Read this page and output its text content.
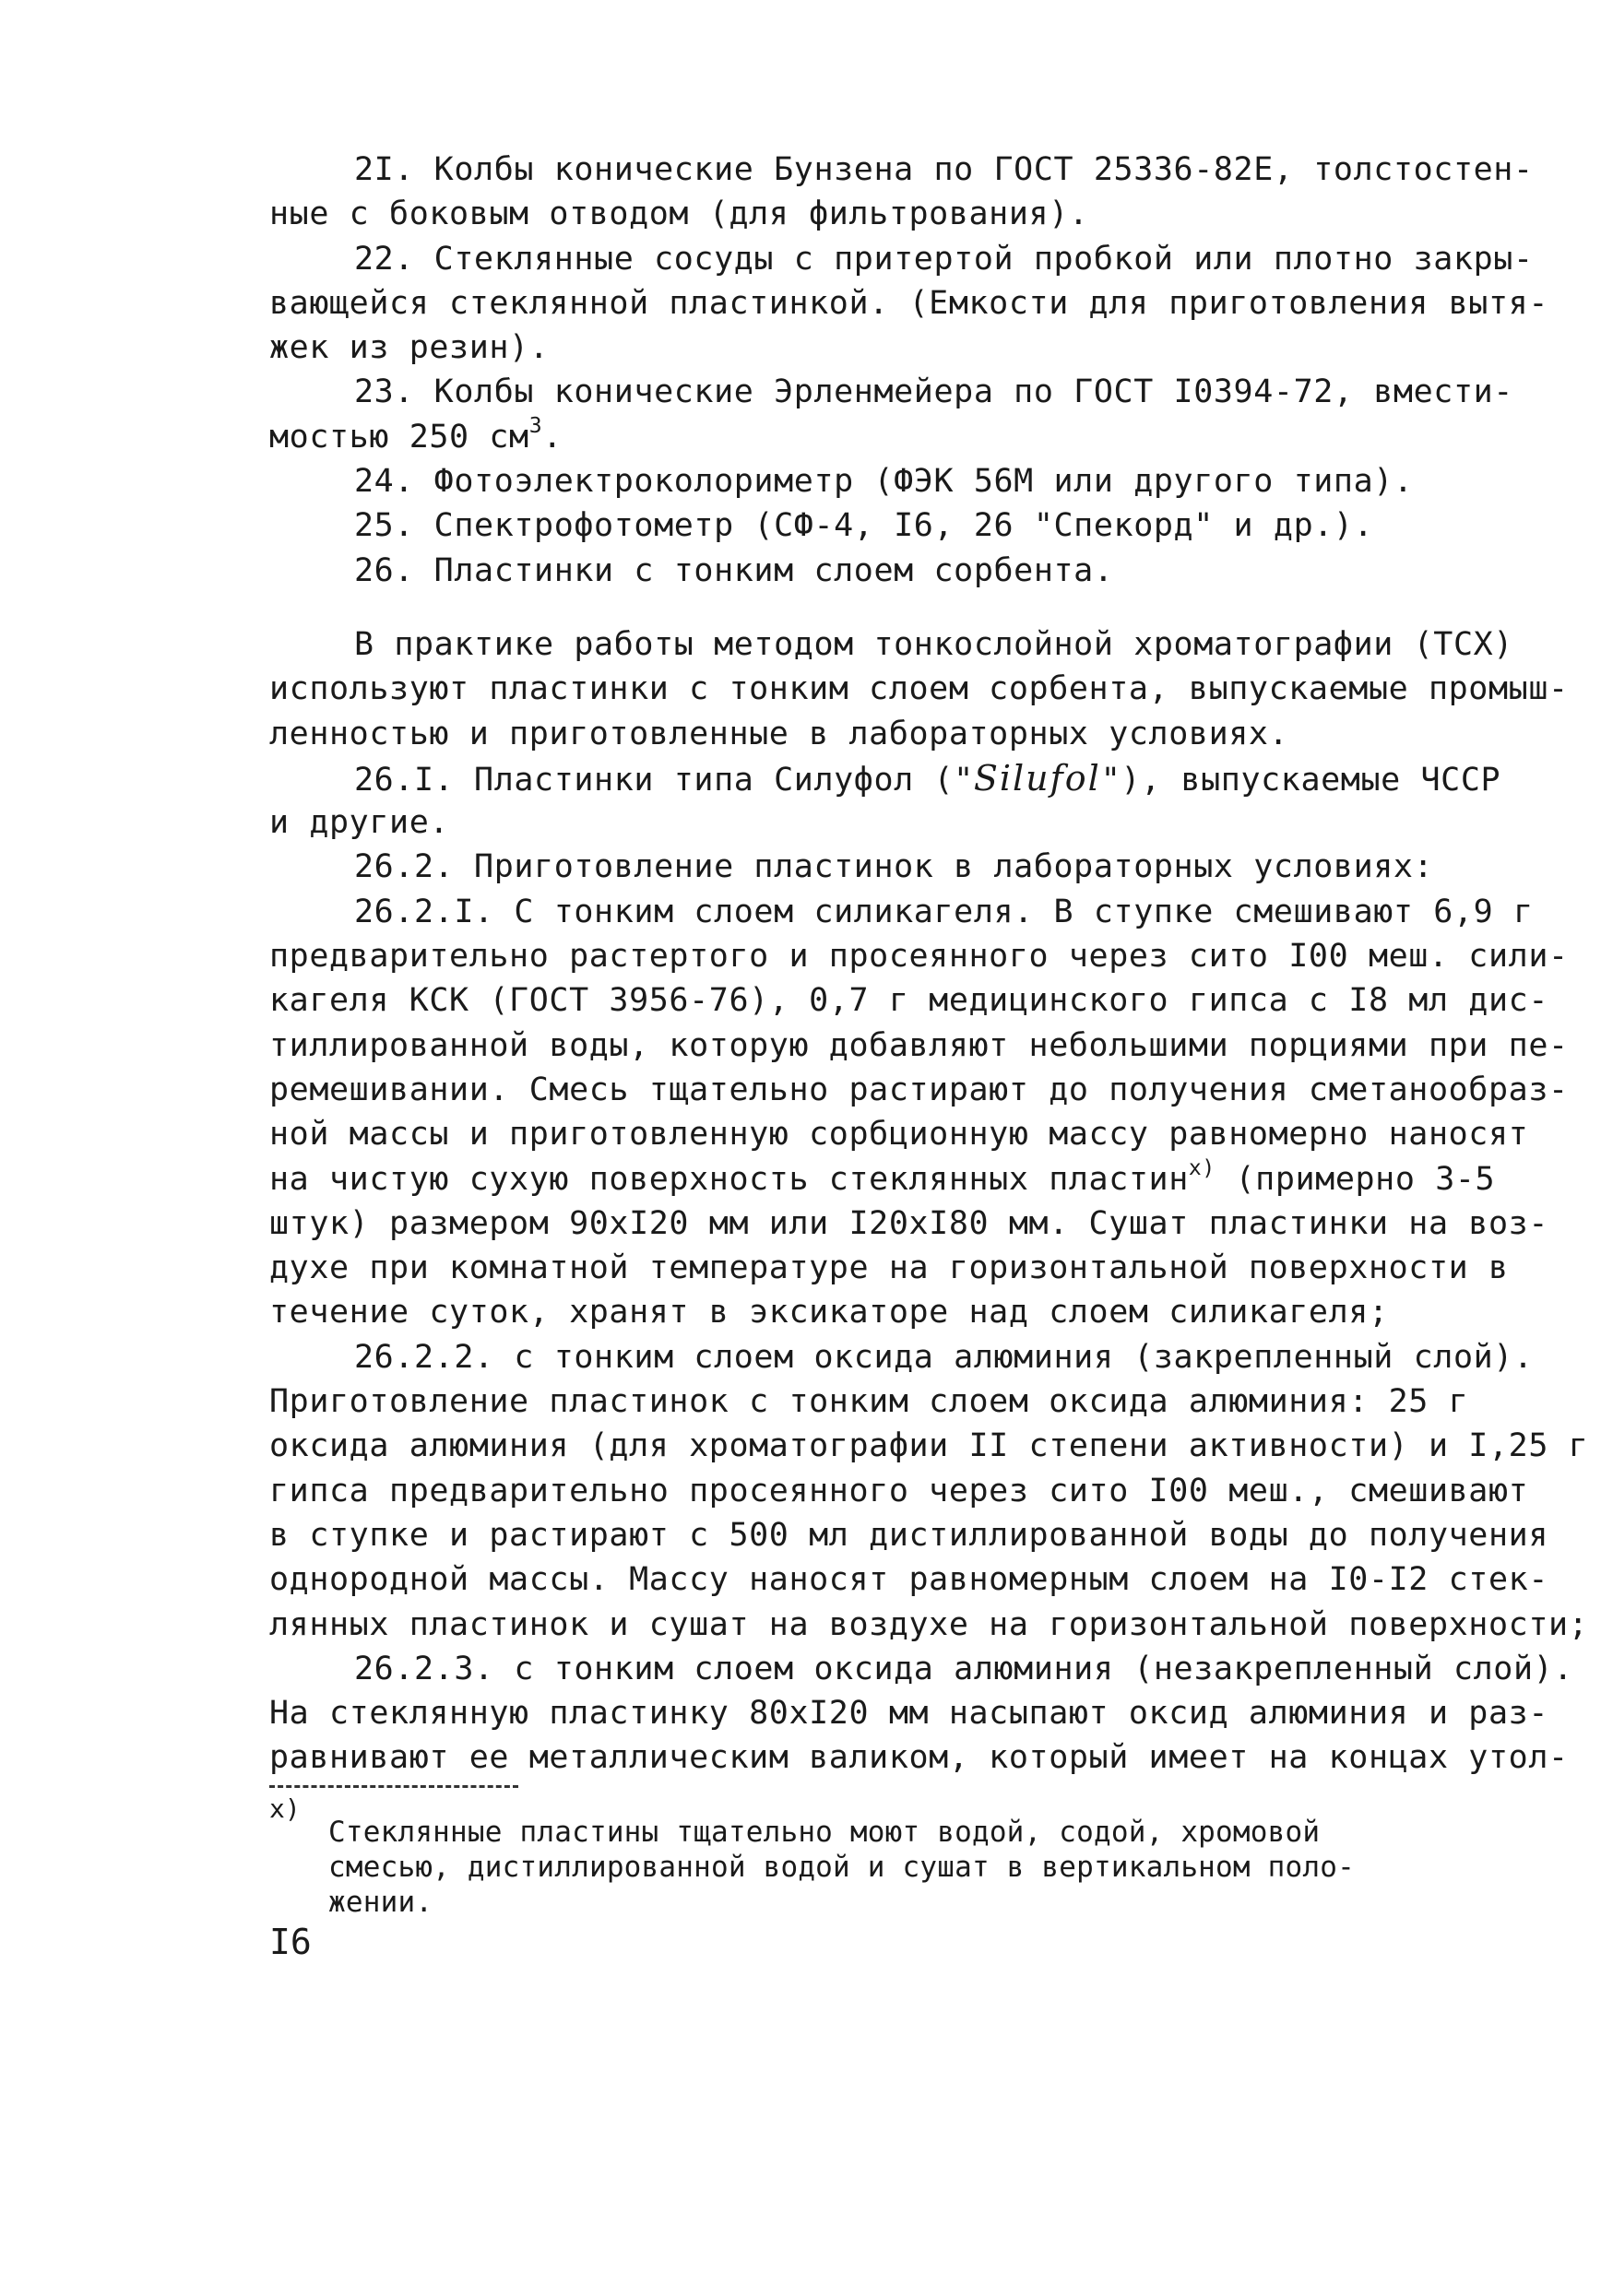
2I. Колбы конические Бунзена по ГОСТ 25336-82Е, толстостен-
ные с боковым отводом (для фильтрования).
22. Стеклянные сосуды с притертой пробкой или плотно закры-
вающейся стеклянной пластинкой. (Емкости для приготовления вытя-
жек из резин).
23. Колбы конические Эрленмейера по ГОСТ I0394-72, вмести-
мостью 250 $см^3$.
24. Фотоэлектроколориметр (ФЭК 56М или другого типа).
25. Спектрофотометр (СФ-4, I6, 26 "Спекорд" и др.).
26. Пластинки с тонким слоем сорбента.
В практике работы методом тонкослойной хроматографии (ТСХ)
используют пластинки с тонким слоем сорбента, выпускаемые промыш-
ленностью и приготовленные в лабораторных условиях.
26.I. Пластинки типа Силуфол ("Silufol"), выпускаемые ЧССР
и другие.
26.2. Приготовление пластинок в лабораторных условиях:
26.2.I. С тонким слоем силикагеля. В ступке смешивают 6,9 г
предварительно растертого и просеянного через сито I00 меш. сили-
кагеля КСК (ГОСТ 3956-76), 0,7 г медицинского гипса с I8 мл дис-
тиллированной воды, которую добавляют небольшими порциями при пе-
ремешивании. Смесь тщательно растирают до получения сметанообраз-
ной массы и приготовленную сорбционную массу равномерно наносят
на чистую сухую поверхность стеклянных пластин$^{x)}$ (примерно 3-5
штук) размером 90хI20 мм или I20хI80 мм. Сушат пластинки на воз-
духе при комнатной температуре на горизонтальной поверхности в
течение суток, хранят в эксикаторе над слоем силикагеля;
26.2.2. с тонким слоем оксида алюминия (закрепленный слой).
Приготовление пластинок с тонким слоем оксида алюминия: 25 г
оксида алюминия (для хроматографии II степени активности) и I,25 г
гипса предварительно просеянного через сито I00 меш., смешивают
в ступке и растирают с 500 мл дистиллированной воды до получения
однородной массы. Массу наносят равномерным слоем на I0-I2 стек-
лянных пластинок и сушат на воздухе на горизонтальной поверхности;
26.2.3. с тонким слоем оксида алюминия (незакрепленный слой).
На стеклянную пластинку 80хI20 мм насыпают оксид алюминия и раз-
равнивают ее металлическим валиком, который имеет на концах утол-
x)
Стеклянные пластины тщательно моют водой, содой, хромовой
смесью, дистиллированной водой и сушат в вертикальном поло-
жении.
I6
